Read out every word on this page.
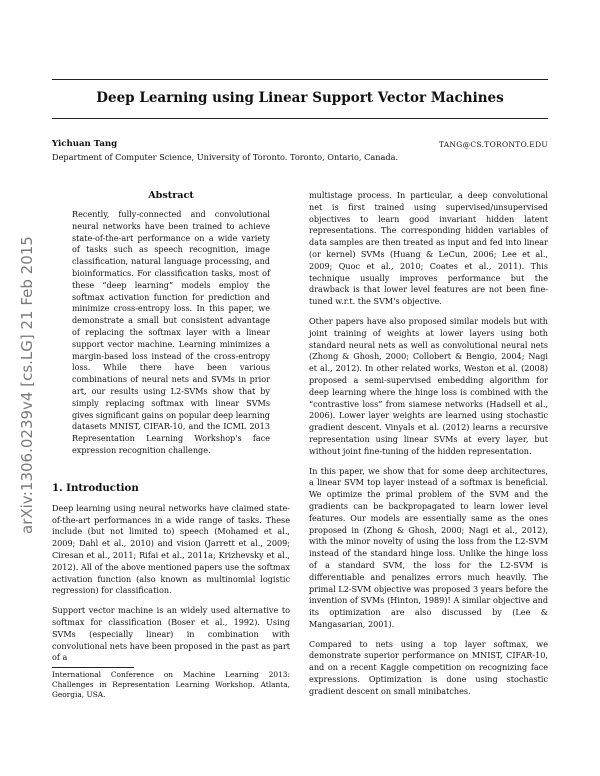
Deep Learning using Linear Support Vector Machines
Yichuan Tang	TANG@CS.TORONTO.EDU
Department of Computer Science, University of Toronto. Toronto, Ontario, Canada.
arXiv:1306.0239v4 [cs.LG] 21 Feb 2015
Abstract
Recently, fully-connected and convolutional neural networks have been trained to achieve state-of-the-art performance on a wide variety of tasks such as speech recognition, image classification, natural language processing, and bioinformatics. For classification tasks, most of these “deep learning” models employ the softmax activation function for prediction and minimize cross-entropy loss. In this paper, we demonstrate a small but consistent advantage of replacing the softmax layer with a linear support vector machine. Learning minimizes a margin-based loss instead of the cross-entropy loss. While there have been various combinations of neural nets and SVMs in prior art, our results using L2-SVMs show that by simply replacing softmax with linear SVMs gives significant gains on popular deep learning datasets MNIST, CIFAR-10, and the ICML 2013 Representation Learning Workshop's face expression recognition challenge.
1. Introduction

Deep learning using neural networks have claimed state-of-the-art performances in a wide range of tasks. These include (but not limited to) speech (Mohamed et al., 2009; Dahl et al., 2010) and vision (Jarrett et al., 2009; Ciresan et al., 2011; Rifai et al., 2011a; Krizhevsky et al., 2012). All of the above mentioned papers use the softmax activation function (also known as multinomial logistic regression) for classification.

Support vector machine is an widely used alternative to softmax for classification (Boser et al., 1992). Using SVMs (especially linear) in combination with convolutional nets have been proposed in the past as part of a

multistage process. In particular, a deep convolutional net is first trained using supervised/unsupervised objectives to learn good invariant hidden latent representations. The corresponding hidden variables of data samples are then treated as input and fed into linear (or kernel) SVMs (Huang & LeCun, 2006; Lee et al., 2009; Quoc et al., 2010; Coates et al., 2011). This technique usually improves performance but the drawback is that lower level features are not been fine-tuned w.r.t. the SVM's objective.

Other papers have also proposed similar models but with joint training of weights at lower layers using both standard neural nets as well as convolutional neural nets (Zhong & Ghosh, 2000; Collobert & Bengio, 2004; Nagi et al., 2012). In other related works, Weston et al. (2008) proposed a semi-supervised embedding algorithm for deep learning where the hinge loss is combined with the “contrastive loss” from siamese networks (Hadsell et al., 2006). Lower layer weights are learned using stochastic gradient descent. Vinyals et al. (2012) learns a recursive representation using linear SVMs at every layer, but without joint fine-tuning of the hidden representation.

In this paper, we show that for some deep architectures, a linear SVM top layer instead of a softmax is beneficial. We optimize the primal problem of the SVM and the gradients can be backpropagated to learn lower level features. Our models are essentially same as the ones proposed in (Zhong & Ghosh, 2000; Nagi et al., 2012), with the minor novelty of using the loss from the L2-SVM instead of the standard hinge loss. Unlike the hinge loss of a standard SVM, the loss for the L2-SVM is differentiable and penalizes errors much heavily. The primal L2-SVM objective was proposed 3 years before the invention of SVMs (Hinton, 1989)! A similar objective and its optimization are also discussed by (Lee & Mangasarian, 2001).

Compared to nets using a top layer softmax, we demonstrate superior performance on MNIST, CIFAR-10, and on a recent Kaggle competition on recognizing face expressions. Optimization is done using stochastic gradient descent on small minibatches.

International Conference on Machine Learning 2013: Challenges in Representation Learning Workshop. Atlanta, Georgia, USA.
